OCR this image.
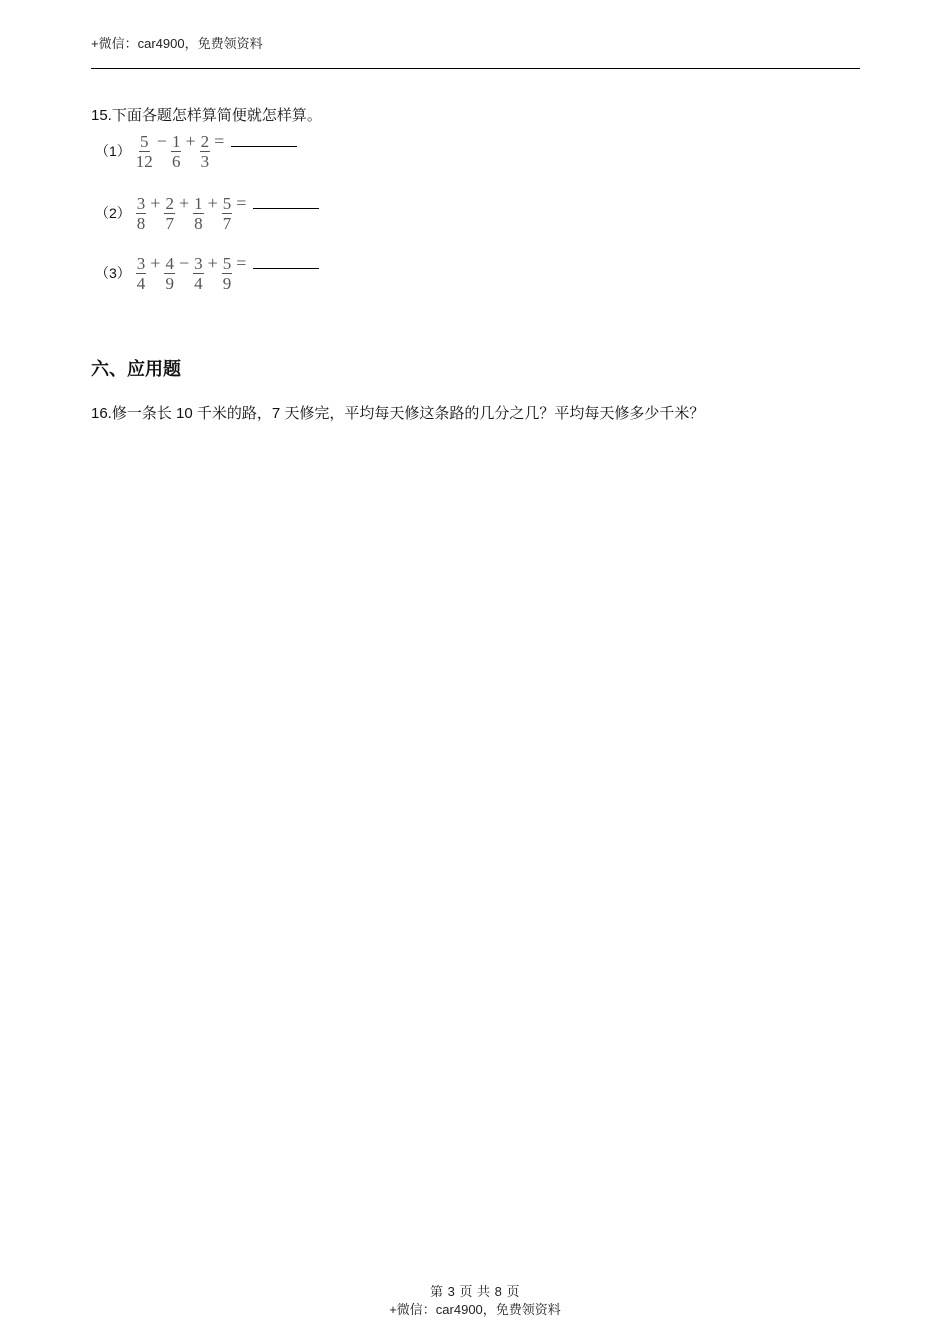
+微信：car4900，免费领资料
15.下面各题怎样算简便就怎样算。
$(1) \frac{5}{12} - \frac{1}{6} + \frac{2}{3}$ =
$(2) \frac{3}{8} + \frac{2}{7} + \frac{1}{8} + \frac{5}{7}$ =
$(3) \frac{3}{4} + \frac{4}{9} - \frac{3}{4} + \frac{5}{9}$ =
六、应用题
16.修一条长 10 千米的路，7 天修完，平均每天修这条路的几分之几？平均每天修多少千米？
第 3 页 共 8 页
+微信：car4900，免费领资料
